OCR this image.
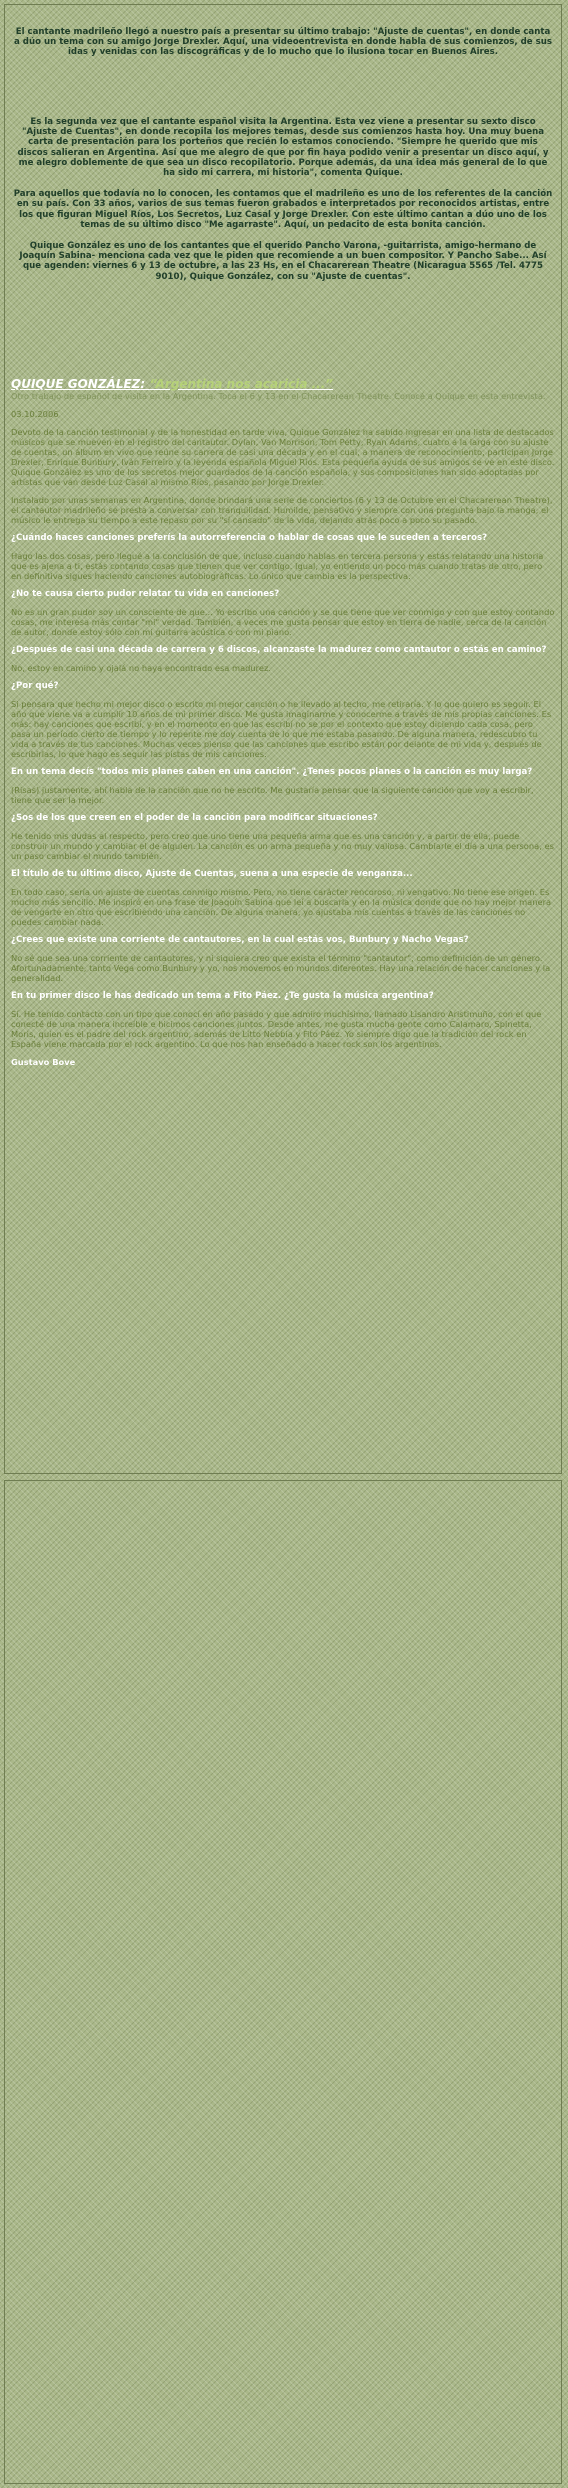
El cantante madrileño llegó a nuestro país a presentar su último trabajo: "Ajuste de cuentas", en donde canta a dúo un tema con su amigo Jorge Drexler. Aquí, una videoentrevista en donde habla de sus comienzos, de sus idas y venidas con las discográficas y de lo mucho que lo ilusiona tocar en Buenos Aires.

Es la segunda vez que el cantante español visita la Argentina. Esta vez viene a presentar su sexto disco "Ajuste de Cuentas", en donde recopila los mejores temas, desde sus comienzos hasta hoy. Una muy buena carta de presentación para los porteños que recién lo estamos conociendo. "Siempre he querido que mis discos salieran en Argentina. Así que me alegro de que por fin haya podido venir a presentar un disco aquí, y me alegro doblemente de que sea un disco recopilatorio. Porque además, da una idea más general de lo que ha sido mi carrera, mi historia", comenta Quique.

Para aquellos que todavía no lo conocen, les contamos que el madrileño es uno de los referentes de la canción en su país. Con 33 años, varios de sus temas fueron grabados e interpretados por reconocidos artistas, entre los que figuran Miguel Ríos, Los Secretos, Luz Casal y Jorge Drexler. Con este último cantan a dúo uno de los temas de su último disco "Me agarraste". Aquí, un pedacito de esta bonita canción.

Quique González es uno de los cantantes que el querido Pancho Varona, -guitarrista, amigo-hermano de Joaquín Sabina- menciona cada vez que le piden que recomiende a un buen compositor. Y Pancho Sabe... Así que agenden: viernes 6 y 13 de octubre, a las 23 Hs, en el Chacarerean Theatre (Nicaragua 5565 /Tel. 4775 9010), Quique González, con su "Ajuste de cuentas".

QUIQUE GONZÁLEZ: “Argentina nos acaricia ...”

Otro trabajo de español de visita en la Argentina. Toca el 6 y 13 en el Chacarerean Theatre. Conocé a Quique en esta entrevista.

03.10.2006

Devoto de la canción testimonial y de la honestidad en tarde viva, Quique González ha sabido ingresar en una lista de destacados músicos que se mueven en el registro del cantautor. Dylan, Van Morrison, Tom Petty, Ryan Adams, cuatro a la larga con su ajuste de cuentas, un álbum en vivo que reúne su carrera de casi una década y en el cual, a manera de reconocimiento, participan Jorge Drexler, Enrique Bunbury, Iván Ferreiro y la leyenda española Miguel Ríos. Esta pequeña ayuda de sus amigos se ve en este disco. Quique González es uno de los secretos mejor guardados de la canción española, y sus composiciones han sido adoptadas por artistas que van desde Luz Casal al mismo Ríos, pasando por Jorge Drexler.

Instalado por unas semanas en Argentina, donde brindará una serie de conciertos (6 y 13 de Octubre en el Chacarerean Theatre), el cantautor madrileño se presta a conversar con tranquilidad. Humilde, pensativo y siempre con una pregunta bajo la manga, el músico le entrega su tiempo a este repaso por su "sí cansado" de la vida, dejando atrás poco a poco su pasado.

¿Cuándo haces canciones preferís la autorreferencia o hablar de cosas que le suceden a terceros?

Hago las dos cosas, pero llegué a la conclusión de que, incluso cuando hablas en tercera persona y estás relatando una historia que es ajena a ti, estás contando cosas que tienen que ver contigo. Igual, yo entiendo un poco más cuando tratas de otro, pero en definitiva sigues haciendo canciones autobiográficas. Lo único que cambia es la perspectiva.

¿No te causa cierto pudor relatar tu vida en canciones?

No es un gran pudor soy un consciente de que... Yo escribo una canción y se que tiene que ver conmigo y con que estoy contando cosas, me interesa más contar "mi" verdad. También, a veces me gusta pensar que estoy en tierra de nadie, cerca de la canción de autor, donde estoy sólo con mi guitarra acústica o con mi piano.

¿Después de casi una década de carrera y 6 discos, alcanzaste la madurez como cantautor o estás en camino?

No, estoy en camino y ojalá no haya encontrado esa madurez.

¿Por qué?

Si pensara que hecho mi mejor disco o escrito mi mejor canción o he llevado al techo, me retiraría. Y lo que quiero es seguir. El año que viene va a cumplir 10 años de mi primer disco. Me gusta imaginarme y conocerme a través de mis propias canciones. Es más: hay canciones que escribí, y en el momento en que las escribí no se por el contexto que estoy diciendo cada cosa, pero pasa un período cierto de tiempo y lo repente me doy cuenta de lo que me estaba pasando. De alguna manera, redescubro tu vida a través de tus canciones. Muchas veces pienso que las canciones que escribo están por delante de mi vida y, después de escribirlas, lo que hago es seguir las pistas de mis canciones.

En un tema decís "todos mis planes caben en una canción". ¿Tenes pocos planes o la canción es muy larga?

(Risas) justamente, ahí habla de la canción que no he escrito. Me gustaría pensar que la siguiente canción que voy a escribir, tiene que ser la mejor.

¿Sos de los que creen en el poder de la canción para modificar situaciones?

He tenido mis dudas al respecto, pero creo que uno tiene una pequeña arma que es una canción y, a partir de ella, puede construir un mundo y cambiar el de alguien. La canción es un arma pequeña y no muy valiosa. Cambiarle el día a una persona, es un paso cambiar el mundo también.

El título de tu último disco, Ajuste de Cuentas, suena a una especie de venganza...

En todo caso, sería un ajuste de cuentas conmigo mismo. Pero, no tiene carácter rencoroso, ni vengativo. No tiene ese origen. Es mucho más sencillo. Me inspiró en una frase de Joaquín Sabina que leí a buscarla y en la música donde que no hay mejor manera de vengarte en otro que escribiendo una canción. De alguna manera, yo ajustaba mis cuentas a través de las canciones no puedes cambiar nada.

¿Crees que existe una corriente de cantautores, en la cual estás vos, Bunbury y Nacho Vegas?

No sé que sea una corriente de cantautores, y ni siquiera creo que exista el término "cantautor", como definición de un género. Afortunadamente, tanto Vega como Bunbury y yo, nos movemos en mundos diferentes. Hay una relación de hacer canciones y la generalidad.

En tu primer disco le has dedicado un tema a Fito Páez. ¿Te gusta la música argentina?

Sí. He tenido contacto con un tipo que conocí en año pasado y que admiro muchísimo, llamado Lisandro Aristimuño, con el que conecté de una manera increíble e hicimos canciones juntos. Desde antes, me gusta mucha gente como Calamaro, Spinetta, Moris, quien es el padre del rock argentino, además de Litto Nebbia y Fito Páez. Yo siempre digo que la tradición del rock en España viene marcada por el rock argentino. Lo que nos han enseñado a hacer rock son los argentinos.

Gustavo Bove
